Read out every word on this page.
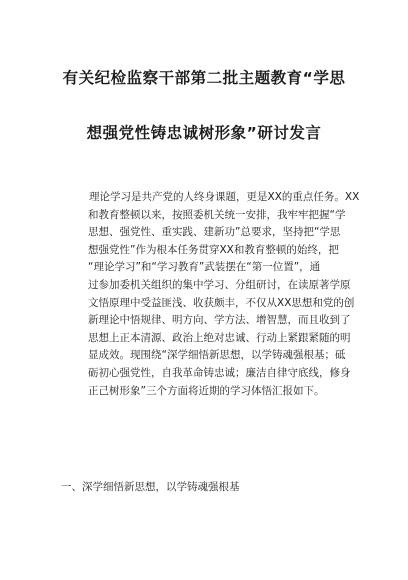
有关纪检监察干部第二批主题教育“学思
想强党性铸忠诚树形象”研讨发言
理论学习是共产党的人终身课题，更是XX的重点任务。XX
和教育整顿以来，按照委机关统一安排，我牢牢把握“学
思想、强党性、重实践、建新功”总要求，坚持把“学思
想强党性”作为根本任务贯穿XX和教育整顿的始终，把
“理论学习”和“学习教育”武装摆在“第一位置”，通
过参加委机关组织的集中学习、分组研讨，在读原著学原
文悟原理中受益匪浅、收获颇丰，不仅从XX思想和党的创
新理论中悟规律、明方向、学方法、增智慧，而且收到了
思想上正本清源、政治上绝对忠诚、行动上紧跟紧随的明
显成效。现围绕“深学细悟新思想，以学铸魂强根基；砥
砺初心强党性，自我革命铸忠诚；廉洁自律守底线，修身
正己树形象”三个方面将近期的学习体悟汇报如下。
一、深学细悟新思想，以学铸魂强根基
